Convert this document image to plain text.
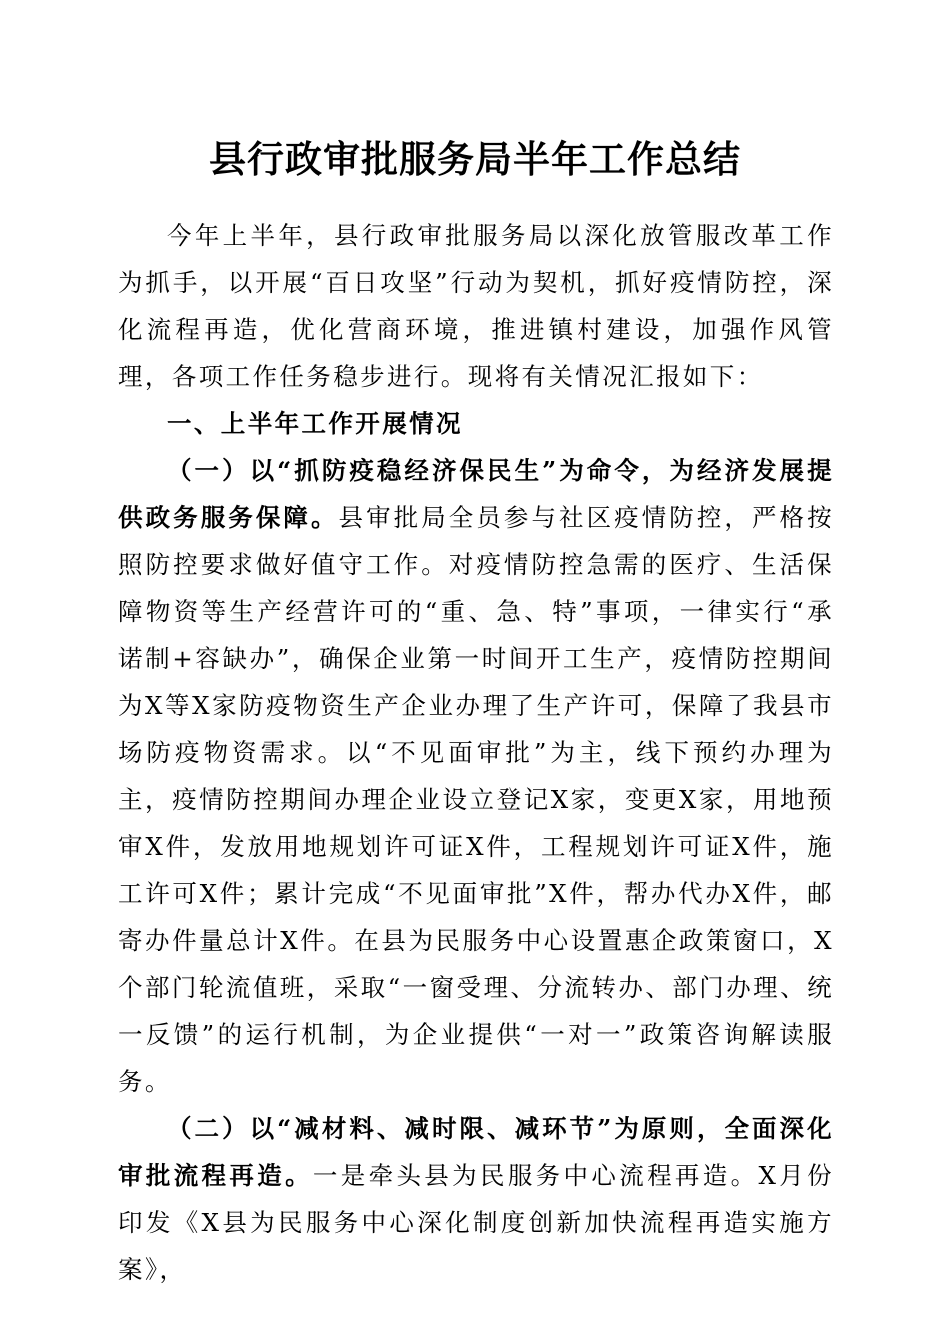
县行政审批服务局半年工作总结

今年上半年，县行政审批服务局以深化放管服改革工作为抓手，以开展“百日攻坚”行动为契机，抓好疫情防控，深化流程再造，优化营商环境，推进镇村建设，加强作风管理，各项工作任务稳步进行。现将有关情况汇报如下：

一、上半年工作开展情况

（一）以“抓防疫稳经济保民生”为命令，为经济发展提供政务服务保障。县审批局全员参与社区疫情防控，严格按照防控要求做好值守工作。对疫情防控急需的医疗、生活保障物资等生产经营许可的“重、急、特”事项，一律实行“承诺制+容缺办”，确保企业第一时间开工生产，疫情防控期间为X等X家防疫物资生产企业办理了生产许可，保障了我县市场防疫物资需求。以“不见面审批”为主，线下预约办理为主，疫情防控期间办理企业设立登记X家，变更X家，用地预审X件，发放用地规划许可证X件，工程规划许可证X件，施工许可X件；累计完成“不见面审批”X件，帮办代办X件，邮寄办件量总计X件。在县为民服务中心设置惠企政策窗口，X个部门轮流值班，采取“一窗受理、分流转办、部门办理、统一反馈”的运行机制，为企业提供“一对一”政策咨询解读服务。

（二）以“减材料、减时限、减环节”为原则，全面深化审批流程再造。一是牵头县为民服务中心流程再造。X月份印发《X县为民服务中心深化制度创新加快流程再造实施方案》，
